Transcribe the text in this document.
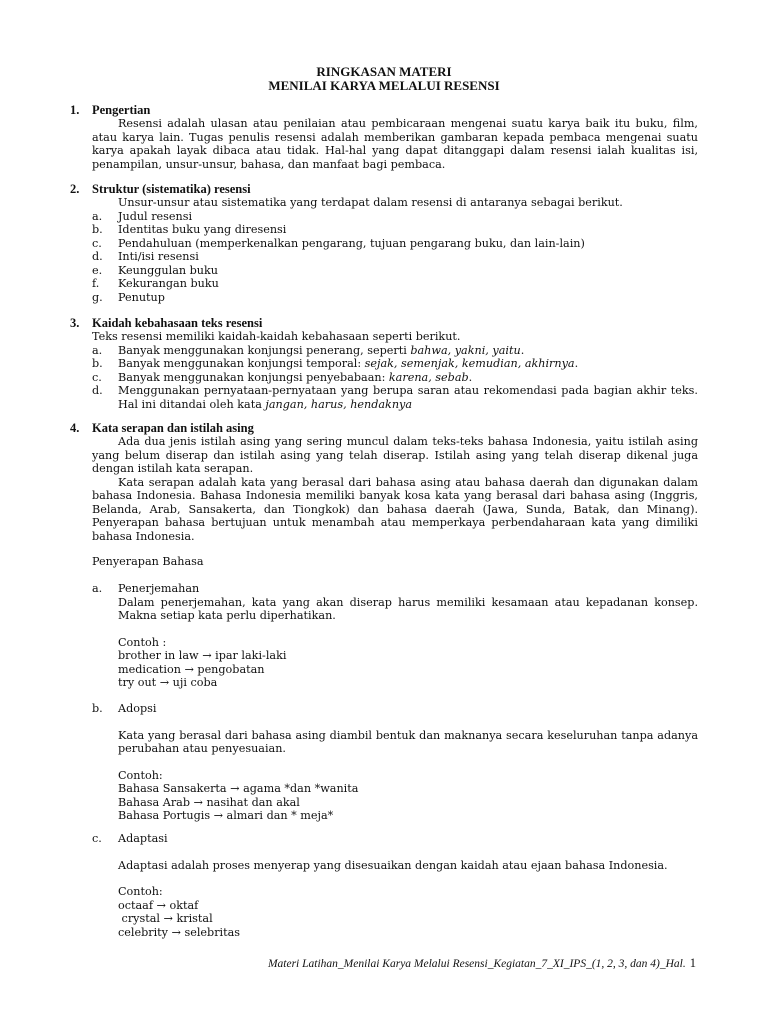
RINGKASAN MATERI
MENILAI KARYA MELALUI RESENSI
1. Pengertian
Resensi adalah ulasan atau penilaian atau pembicaraan mengenai suatu karya baik itu buku, film, atau karya lain. Tugas penulis resensi adalah memberikan gambaran kepada pembaca mengenai suatu karya apakah layak dibaca atau tidak. Hal-hal yang dapat ditanggapi dalam resensi ialah kualitas isi, penampilan, unsur-unsur, bahasa, dan manfaat bagi pembaca.
2. Struktur (sistematika) resensi
Unsur-unsur atau sistematika yang terdapat dalam resensi di antaranya sebagai berikut.
a. Judul resensi
b. Identitas buku yang diresensi
c. Pendahuluan (memperkenalkan pengarang, tujuan pengarang buku, dan lain-lain)
d. Inti/isi resensi
e. Keunggulan buku
f. Kekurangan buku
g. Penutup
3. Kaidah kebahasaan teks resensi
Teks resensi memiliki kaidah-kaidah kebahasaan seperti berikut.
a. Banyak menggunakan konjungsi penerang, seperti bahwa, yakni, yaitu.
b. Banyak menggunakan konjungsi temporal: sejak, semenjak, kemudian, akhirnya.
c. Banyak menggunakan konjungsi penyebabaan: karena, sebab.
d. Menggunakan pernyataan-pernyataan yang berupa saran atau rekomendasi pada bagian akhir teks. Hal ini ditandai oleh kata jangan, harus, hendaknya
4. Kata serapan dan istilah asing
Ada dua jenis istilah asing yang sering muncul dalam teks-teks bahasa Indonesia, yaitu istilah asing yang belum diserap dan istilah asing yang telah diserap. Istilah asing yang telah diserap dikenal juga dengan istilah kata serapan.
Kata serapan adalah kata yang berasal dari bahasa asing atau bahasa daerah dan digunakan dalam bahasa Indonesia. Bahasa Indonesia memiliki banyak kosa kata yang berasal dari bahasa asing (Inggris, Belanda, Arab, Sansakerta, dan Tiongkok) dan bahasa daerah (Jawa, Sunda, Batak, dan Minang). Penyerapan bahasa bertujuan untuk menambah atau memperkaya perbendaharaan kata yang dimiliki bahasa Indonesia.
Penyerapan Bahasa
a. Penerjemahan
Dalam penerjemahan, kata yang akan diserap harus memiliki kesamaan atau kepadanan konsep. Makna setiap kata perlu diperhatikan.
Contoh :
brother in law → ipar laki-laki
medication → pengobatan
try out → uji coba
b. Adopsi
Kata yang berasal dari bahasa asing diambil bentuk dan maknanya secara keseluruhan tanpa adanya perubahan atau penyesuaian.
Contoh:
Bahasa Sansakerta → agama *dan *wanita
Bahasa Arab → nasihat dan akal
Bahasa Portugis → almari dan * meja*
c. Adaptasi
Adaptasi adalah proses menyerap yang disesuaikan dengan kaidah atau ejaan bahasa Indonesia.
Contoh:
octaaf → oktaf
crystal → kristal
celebrity → selebritas
Materi Latihan_Menilai Karya Melalui Resensi_Kegiatan_7_XI_IPS_(1, 2, 3, dan 4)_Hal. 1
